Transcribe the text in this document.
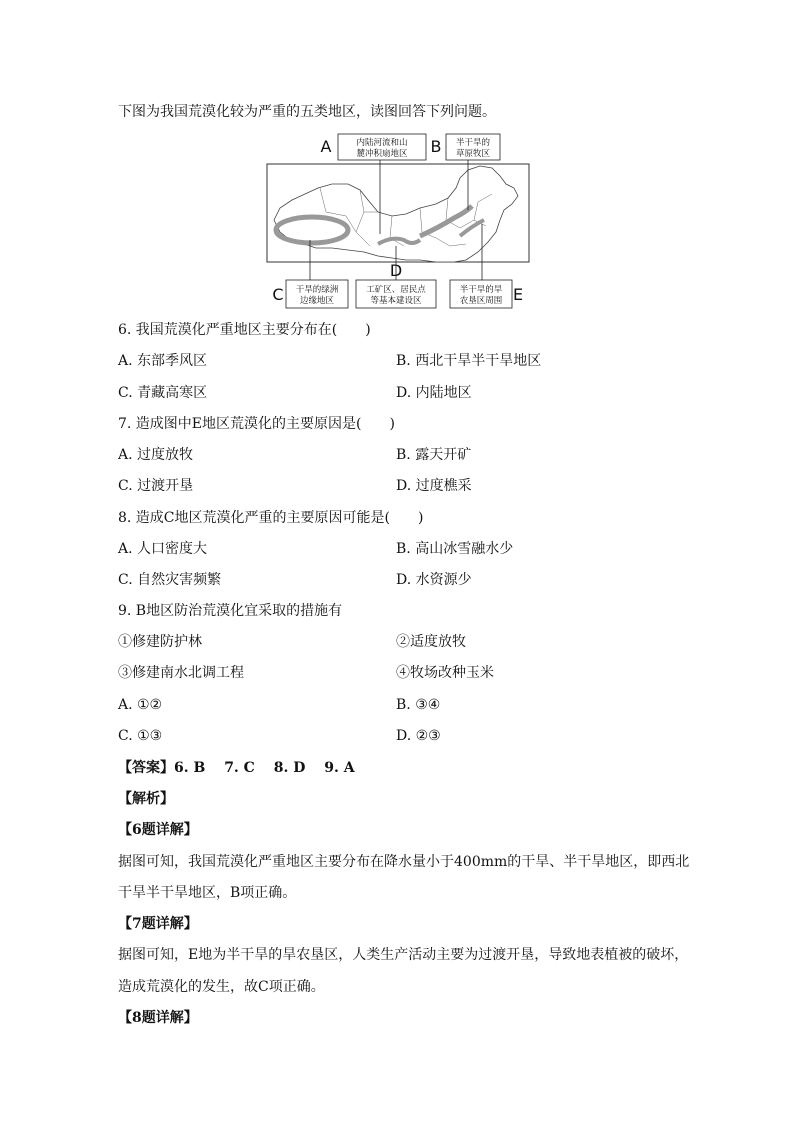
下图为我国荒漠化较为严重的五类地区，读图回答下列问题。
内陆河流和山
麓冲积扇地区
A	半干旱的
草原牧区
B
干旱的绿洲
边缘地区
C	工矿区、居民点
等基本建设区
D
半干旱的旱
农垦区周围 E
6. 我国荒漠化严重地区主要分布在(　　)
A. 东部季风区	B. 西北干旱半干旱地区
C. 青藏高寒区	D. 内陆地区
7. 造成图中E地区荒漠化的主要原因是(　　)
A. 过度放牧	B. 露天开矿
C. 过渡开垦	D. 过度樵采
8. 造成C地区荒漠化严重的主要原因可能是(　　)
A. 人口密度大	B. 高山冰雪融水少
C. 自然灾害频繁	D. 水资源少
9. B地区防治荒漠化宜采取的措施有
①修建防护林	②适度放牧
③修建南水北调工程	④牧场改种玉米
A. ①②	B. ③④
C. ①③	D. ②③
【答案】6. B　 7. C　 8. D　 9. A
【解析】
【6题详解】
据图可知，我国荒漠化严重地区主要分布在降水量小于400mm的干旱、半干旱地区，即西北
干旱半干旱地区，B项正确。
【7题详解】
据图可知，E地为半干旱的旱农垦区，人类生产活动主要为过渡开垦，导致地表植被的破坏，
造成荒漠化的发生，故C项正确。
【8题详解】
